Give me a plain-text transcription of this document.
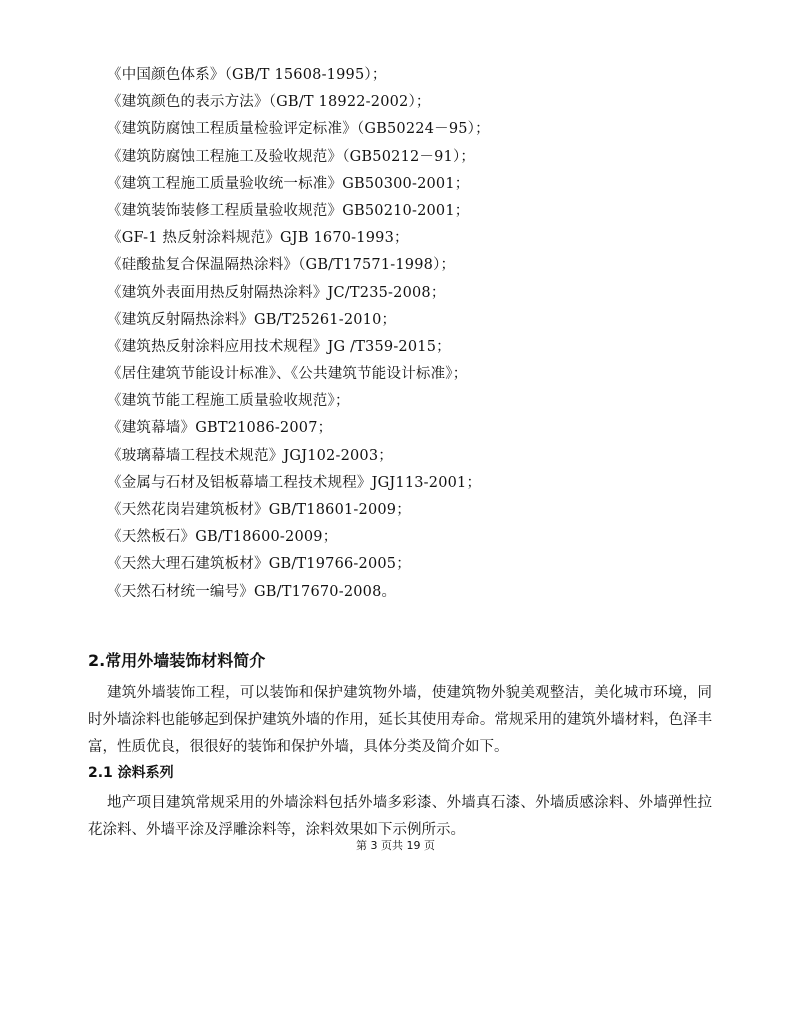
《中国颜色体系》（GB/T 15608-1995）；
《建筑颜色的表示方法》（GB/T 18922-2002）；
《建筑防腐蚀工程质量检验评定标准》（GB50224－95）；
《建筑防腐蚀工程施工及验收规范》（GB50212－91）；
《建筑工程施工质量验收统一标准》GB50300-2001；
《建筑装饰装修工程质量验收规范》GB50210-2001；
《GF-1 热反射涂料规范》GJB 1670-1993；
《硅酸盐复合保温隔热涂料》（GB/T17571-1998）；
《建筑外表面用热反射隔热涂料》JC/T235-2008；
《建筑反射隔热涂料》GB/T25261-2010；
《建筑热反射涂料应用技术规程》JG /T359-2015；
《居住建筑节能设计标准》、《公共建筑节能设计标准》；
《建筑节能工程施工质量验收规范》；
《建筑幕墙》GBT21086-2007；
《玻璃幕墙工程技术规范》JGJ102-2003；
《金属与石材及铝板幕墙工程技术规程》JGJ113-2001；
《天然花岗岩建筑板材》GB/T18601-2009；
《天然板石》GB/T18600-2009；
《天然大理石建筑板材》GB/T19766-2005；
《天然石材统一编号》GB/T17670-2008。
2.常用外墙装饰材料简介

建筑外墙装饰工程，可以装饰和保护建筑物外墙，使建筑物外貌美观整洁，美化城市环境，同时外墙涂料也能够起到保护建筑外墙的作用，延长其使用寿命。常规采用的建筑外墙材料，色泽丰富，性质优良，很很好的装饰和保护外墙，具体分类及简介如下。

2.1 涂料系列

地产项目建筑常规采用的外墙涂料包括外墙多彩漆、外墙真石漆、外墙质感涂料、外墙弹性拉花涂料、外墙平涂及浮雕涂料等，涂料效果如下示例所示。

第 3 页共 19 页
